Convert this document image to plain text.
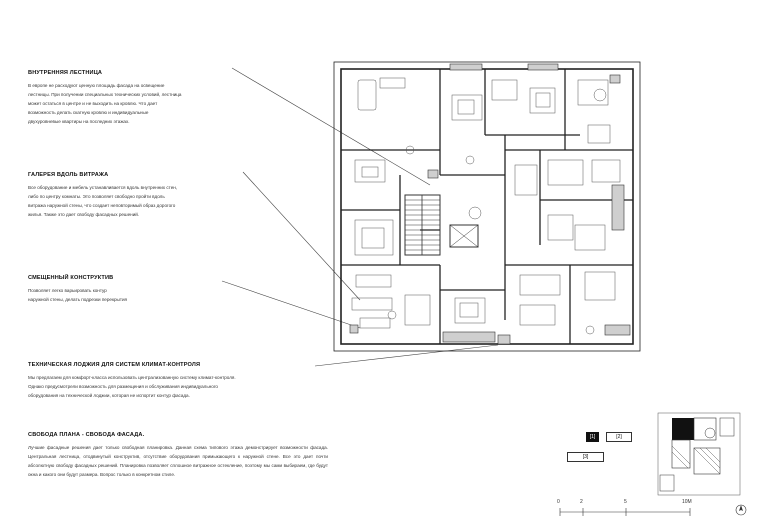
ВНУТРЕННЯЯ ЛЕСТНИЦА

В европе не расходуют ценную площадь фасада на освещение
лестницы. При получении специальных технических условий, лестница
может остаться в центре и не выходить на кровлю. Что дает
возможность делать скатную кровлю и индивидуальные
двухуровневые квартиры на последних этажах.

ГАЛЕРЕЯ ВДОЛЬ ВИТРАЖА

Все оборудование и мебель устанавливается вдоль внутренних стен,
либо по центру комнаты. Это позволяет свободно пройти вдоль
витража наружной стены, что создает неповторимый образ дорогого
жилья. Также это дает свободу фасадных решений.

СМЕЩЕННЫЙ КОНСТРУКТИВ

Позволяет легко варьировать контур
наружной стены, делать подрезки перекрытия

ТЕХНИЧЕСКАЯ ЛОДЖИЯ ДЛЯ СИСТЕМ КЛИМАТ-КОНТРОЛЯ

Мы предлагаем для комфорт-класса использовать централизованную систему климат-контроля.
Однако предусмотрели возможность для размещения и обслуживания индивидуального
оборудования на технической лоджии, которая не испортит контур фасада.

СВОБОДА ПЛАНА - СВОБОДА ФАСАДА.

Лучшие фасадные решения дает только свободная планировка. Данная схема типового этажа демонстрирует возможности фасада. Центральная лестница, отодвинутый конструктив, отсутствие оборудования примыкающего к наружной стене. Все это дает почти абсолютную свободу фасадных решений. Планировка позволяет сплошное витражное остекление, поэтому мы сами выбираем, где будут окна и какого они будут размера. Вопрос только в конкретном стиле.

[1]	[2]
[3]
0	2	5	10M
